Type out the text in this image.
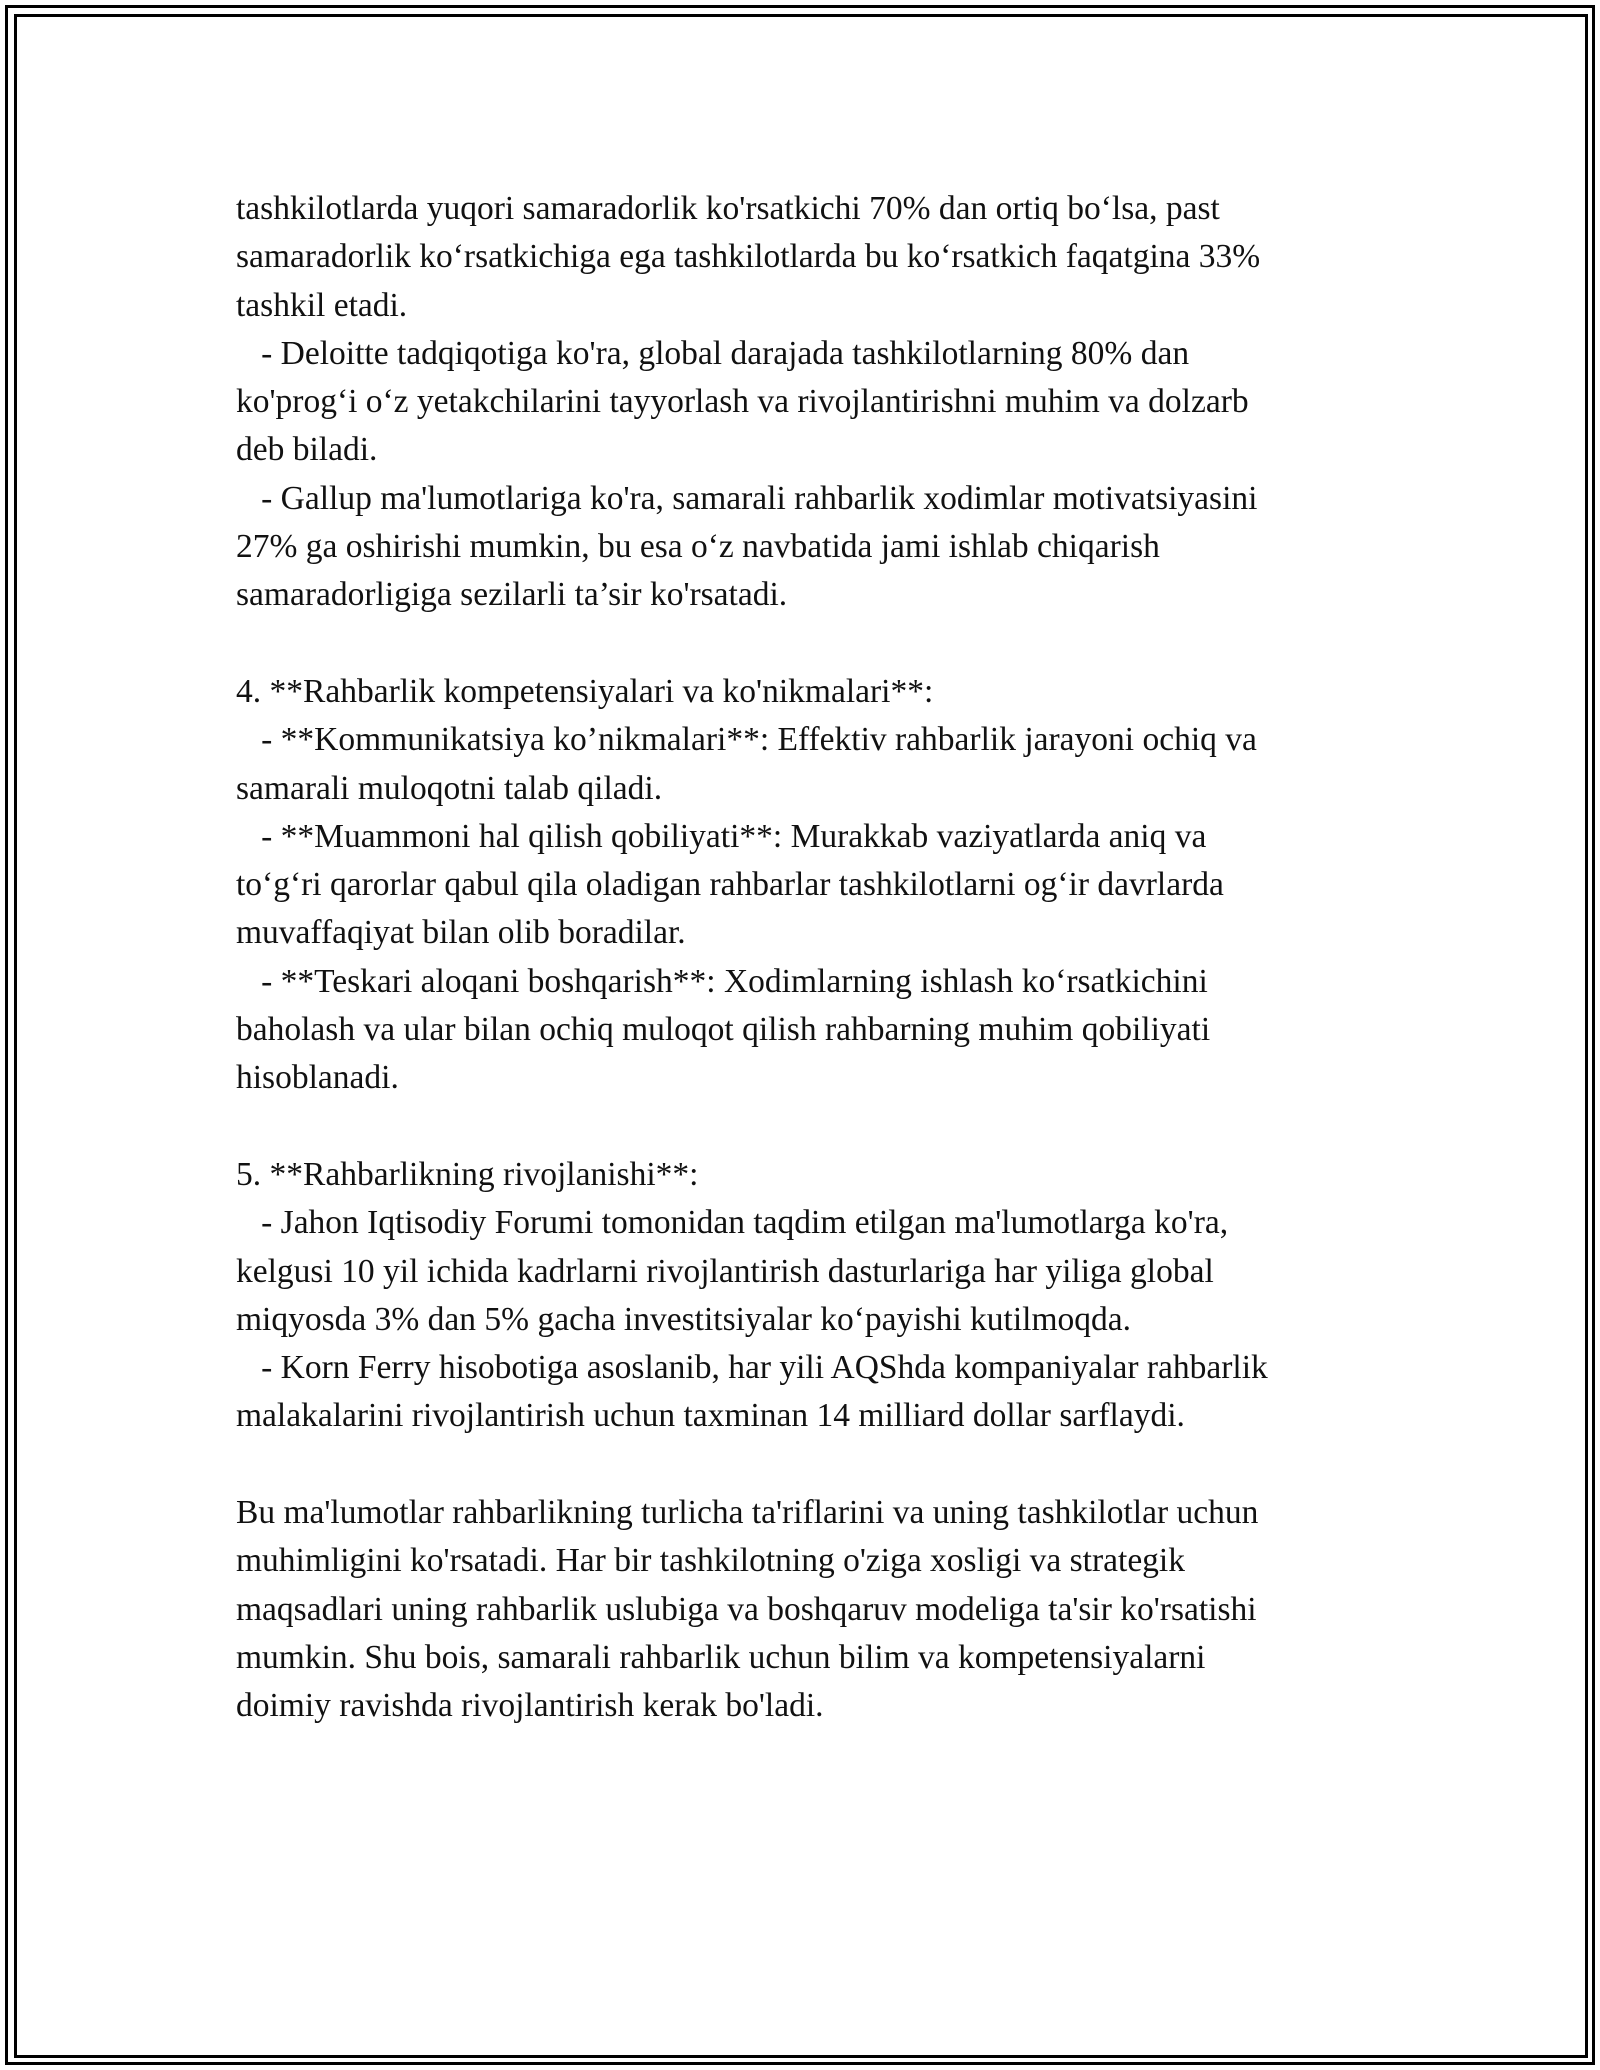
tashkilotlarda yuqori samaradorlik ko'rsatkichi 70% dan ortiq bo‘lsa, past
samaradorlik ko‘rsatkichiga ega tashkilotlarda bu ko‘rsatkich faqatgina 33%
tashkil etadi.
- Deloitte tadqiqotiga ko'ra, global darajada tashkilotlarning 80% dan
ko'prog‘i o‘z yetakchilarini tayyorlash va rivojlantirishni muhim va dolzarb
deb biladi.
- Gallup ma'lumotlariga ko'ra, samarali rahbarlik xodimlar motivatsiyasini
27% ga oshirishi mumkin, bu esa o‘z navbatida jami ishlab chiqarish
samaradorligiga sezilarli ta’sir ko'rsatadi.
4. **Rahbarlik kompetensiyalari va ko'nikmalari**:
- **Kommunikatsiya ko’nikmalari**: Effektiv rahbarlik jarayoni ochiq va
samarali muloqotni talab qiladi.
- **Muammoni hal qilish qobiliyati**: Murakkab vaziyatlarda aniq va
to‘g‘ri qarorlar qabul qila oladigan rahbarlar tashkilotlarni og‘ir davrlarda
muvaffaqiyat bilan olib boradilar.
- **Teskari aloqani boshqarish**: Xodimlarning ishlash ko‘rsatkichini
baholash va ular bilan ochiq muloqot qilish rahbarning muhim qobiliyati
hisoblanadi.
5. **Rahbarlikning rivojlanishi**:
- Jahon Iqtisodiy Forumi tomonidan taqdim etilgan ma'lumotlarga ko'ra,
kelgusi 10 yil ichida kadrlarni rivojlantirish dasturlariga har yiliga global
miqyosda 3% dan 5% gacha investitsiyalar ko‘payishi kutilmoqda.
- Korn Ferry hisobotiga asoslanib, har yili AQShda kompaniyalar rahbarlik
malakalarini rivojlantirish uchun taxminan 14 milliard dollar sarflaydi.
Bu ma'lumotlar rahbarlikning turlicha ta'riflarini va uning tashkilotlar uchun
muhimligini ko'rsatadi. Har bir tashkilotning o'ziga xosligi va strategik
maqsadlari uning rahbarlik uslubiga va boshqaruv modeliga ta'sir ko'rsatishi
mumkin. Shu bois, samarali rahbarlik uchun bilim va kompetensiyalarni
doimiy ravishda rivojlantirish kerak bo'ladi.
